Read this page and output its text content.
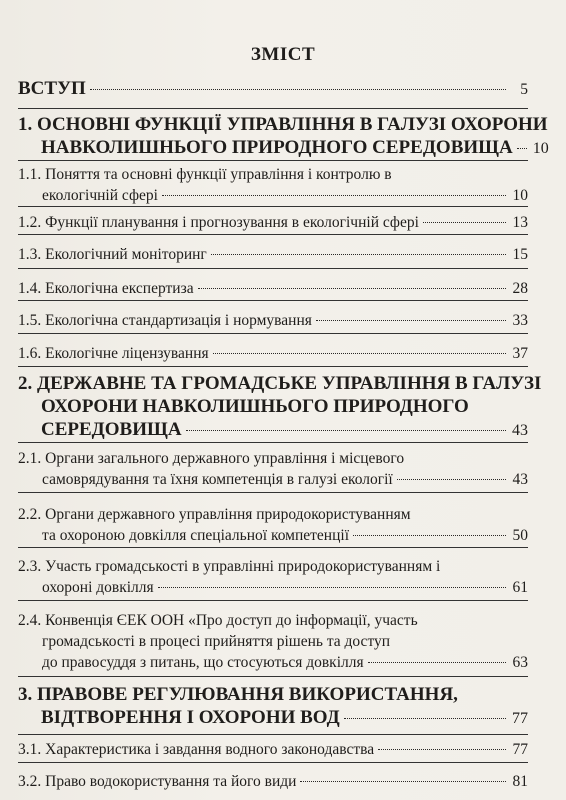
ЗМІСТ
ВСТУП	5
1. ОСНОВНІ ФУНКЦІЇ УПРАВЛІННЯ В ГАЛУЗІ ОХОРОНИ
НАВКОЛИШНЬОГО ПРИРОДНОГО СЕРЕДОВИЩА 10
1.1. Поняття та основні функції управління і контролю в
екологічній сфері	10
1.2. Функції планування і прогнозування в екологічній сфері	13
1.3. Екологічний моніторинг	15
1.4. Екологічна експертиза	28
1.5. Екологічна стандартизація і нормування	33
1.6. Екологічне ліцензування	37
2. ДЕРЖАВНЕ ТА ГРОМАДСЬКЕ УПРАВЛІННЯ В ГАЛУЗІ
ОХОРОНИ НАВКОЛИШНЬОГО ПРИРОДНОГО
СЕРЕДОВИЩА	43
2.1. Органи загального державного управління і місцевого
самоврядування та їхня компетенція в галузі екології	43
2.2. Органи державного управління природокористуванням
та охороною довкілля спеціальної компетенції	50
2.3. Участь громадськості в управлінні природокористуванням і
охороні довкілля	61
2.4. Конвенція ЄЕК ООН «Про доступ до інформації, участь
громадськості в процесі прийняття рішень та доступ
до правосуддя з питань, що стосуються довкілля	63
3. ПРАВОВЕ РЕГУЛЮВАННЯ ВИКОРИСТАННЯ,
ВІДТВОРЕННЯ І ОХОРОНИ ВОД	77
3.1. Характеристика і завдання водного законодавства	77
3.2. Право водокористування та його види	81
